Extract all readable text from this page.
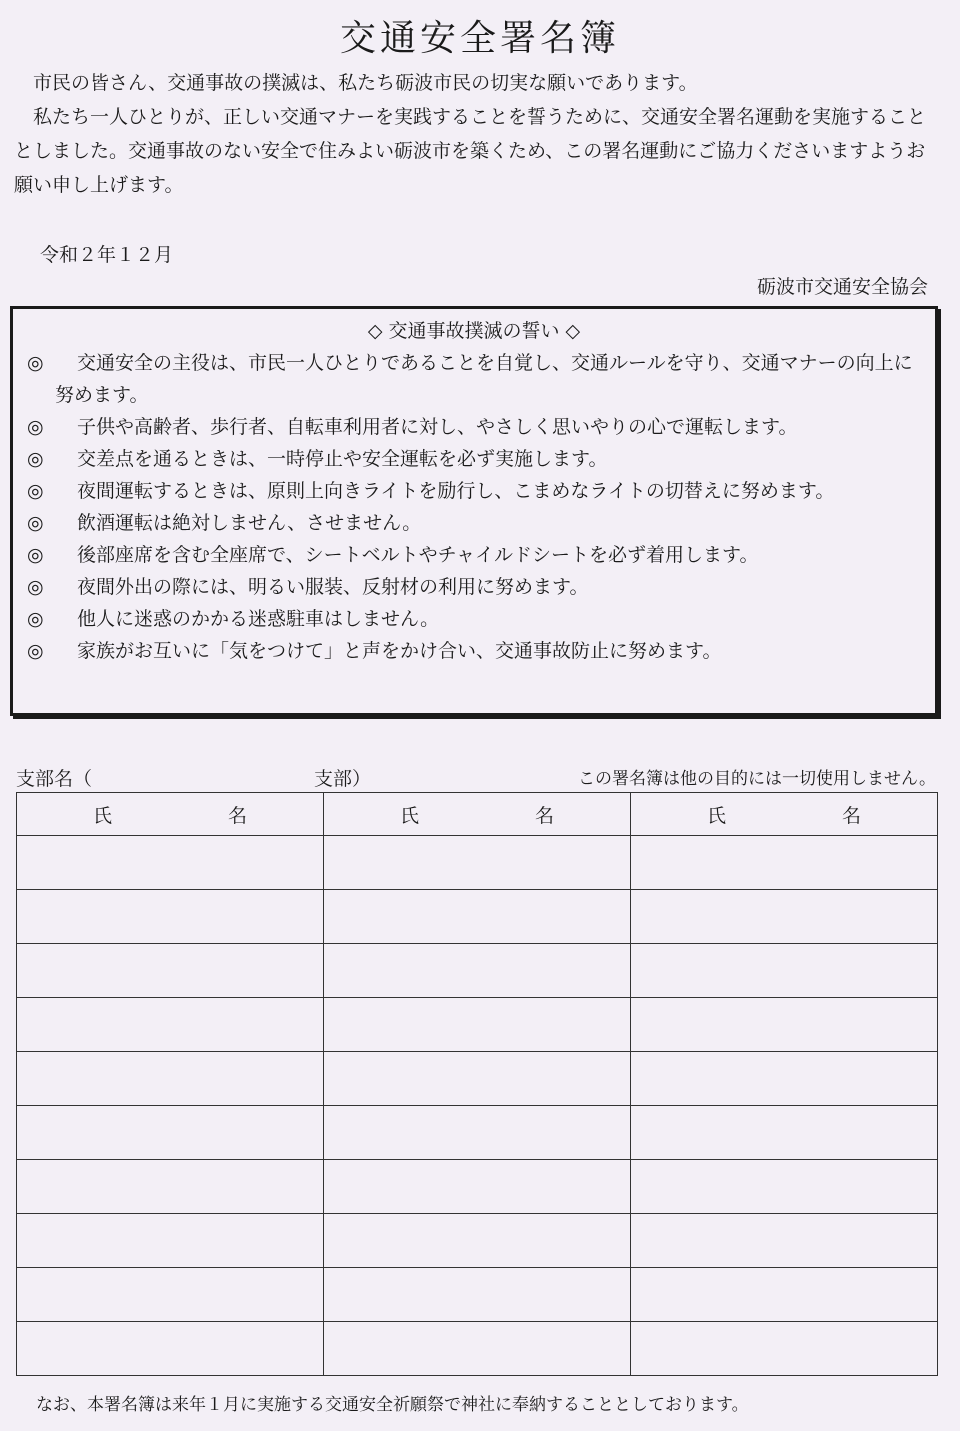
交通安全署名簿

市民の皆さん、交通事故の撲滅は、私たち砺波市民の切実な願いであります。

私たち一人ひとりが、正しい交通マナーを実践することを誓うために、交通安全署名運動を実施することとしました。交通事故のない安全で住みよい砺波市を築くため、この署名運動にご協力くださいますようお願い申し上げます。

令和２年１２月
砺波市交通安全協会
◇ 交通事故撲滅の誓い ◇
◎	交通安全の主役は、市民一人ひとりであることを自覚し、交通ルールを守り、交通マナーの向上に努めます。
◎	子供や高齢者、歩行者、自転車利用者に対し、やさしく思いやりの心で運転します。
◎	交差点を通るときは、一時停止や安全運転を必ず実施します。
◎	夜間運転するときは、原則上向きライトを励行し、こまめなライトの切替えに努めます。
◎	飲酒運転は絶対しません、させません。
◎	後部座席を含む全座席で、シートベルトやチャイルドシートを必ず着用します。
◎	夜間外出の際には、明るい服装、反射材の利用に努めます。
◎	他人に迷惑のかかる迷惑駐車はしません。
◎	家族がお互いに「気をつけて」と声をかけ合い、交通事故防止に努めます。
支部名（	支部）	この署名簿は他の目的には一切使用しません。
氏 名	氏 名	氏 名

なお、本署名簿は来年１月に実施する交通安全祈願祭で神社に奉納することとしております。
